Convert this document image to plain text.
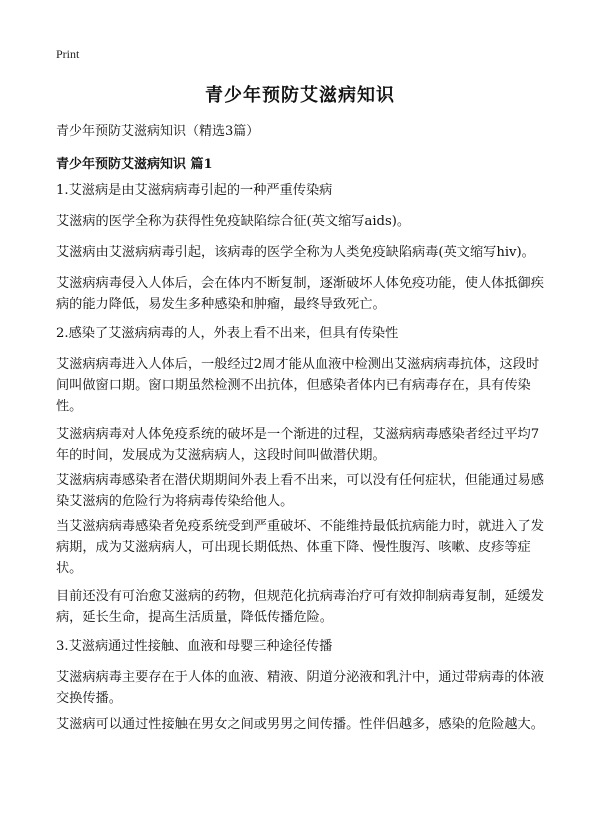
Print
青少年预防艾滋病知识
青少年预防艾滋病知识（精选3篇）
青少年预防艾滋病知识 篇1

1.艾滋病是由艾滋病病毒引起的一种严重传染病

艾滋病的医学全称为获得性免疫缺陷综合征(英文缩写aids)。

艾滋病由艾滋病病毒引起，该病毒的医学全称为人类免疫缺陷病毒(英文缩写hiv)。

艾滋病病毒侵入人体后，会在体内不断复制，逐渐破坏人体免疫功能，使人体抵御疾病的能力降低，易发生多种感染和肿瘤，最终导致死亡。

2.感染了艾滋病病毒的人，外表上看不出来，但具有传染性

艾滋病病毒进入人体后，一般经过2周才能从血液中检测出艾滋病病毒抗体，这段时间叫做窗口期。窗口期虽然检测不出抗体，但感染者体内已有病毒存在，具有传染性。

艾滋病病毒对人体免疫系统的破坏是一个渐进的过程，艾滋病病毒感染者经过平均7年的时间，发展成为艾滋病病人，这段时间叫做潜伏期。

艾滋病病毒感染者在潜伏期期间外表上看不出来，可以没有任何症状，但能通过易感染艾滋病的危险行为将病毒传染给他人。

当艾滋病病毒感染者免疫系统受到严重破坏、不能维持最低抗病能力时，就进入了发病期，成为艾滋病病人，可出现长期低热、体重下降、慢性腹泻、咳嗽、皮疹等症状。

目前还没有可治愈艾滋病的药物，但规范化抗病毒治疗可有效抑制病毒复制，延缓发病，延长生命，提高生活质量，降低传播危险。

3.艾滋病通过性接触、血液和母婴三种途径传播

艾滋病病毒主要存在于人体的血液、精液、阴道分泌液和乳汁中，通过带病毒的体液交换传播。

艾滋病可以通过性接触在男女之间或男男之间传播。性伴侣越多，感染的危险越大。
